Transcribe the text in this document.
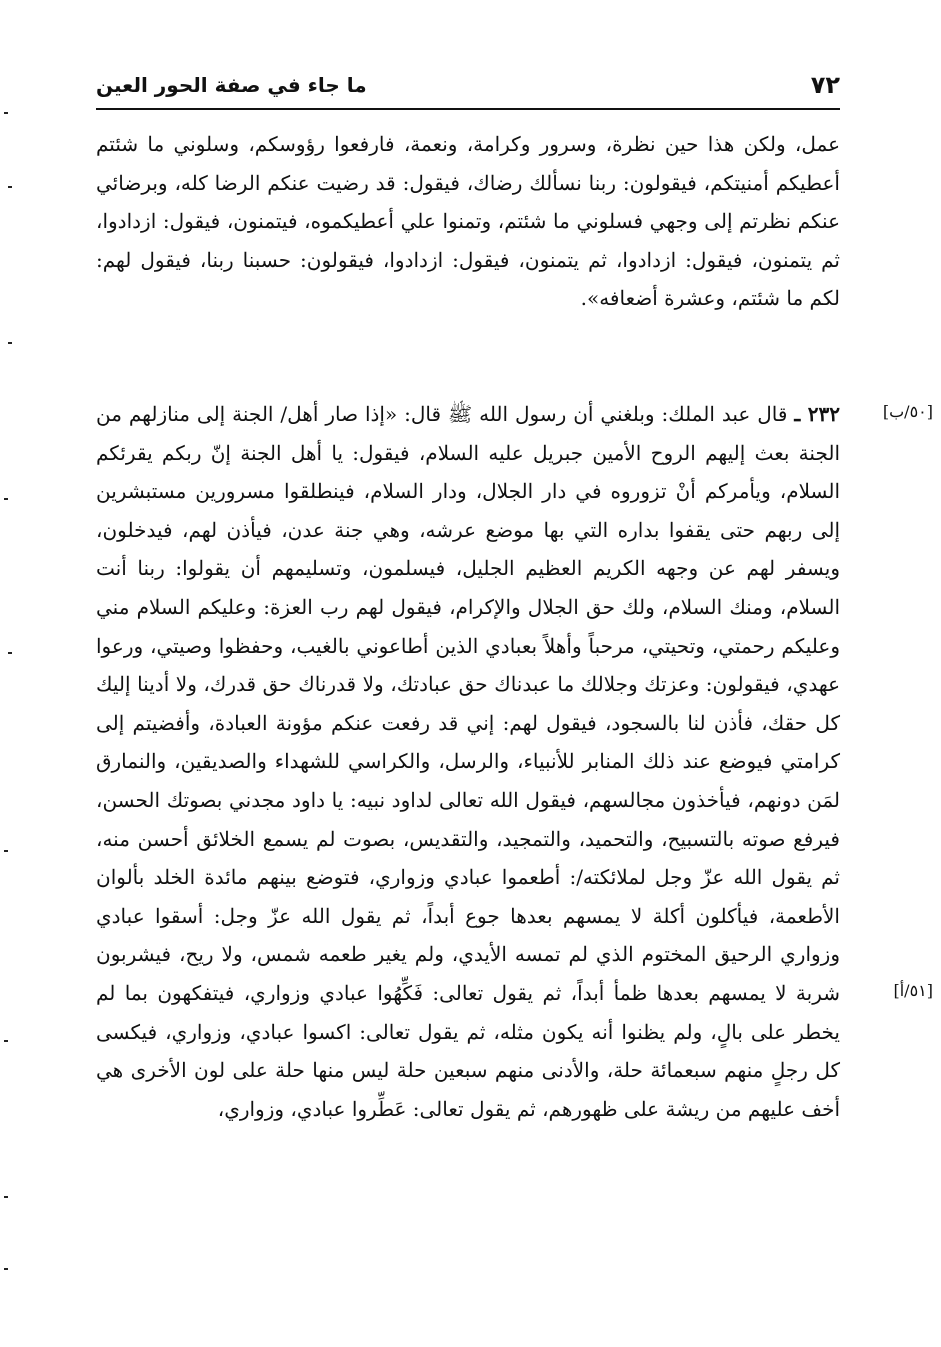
٧٢
ما جاء في صفة الحور العين
عمل، ولكن هذا حين نظرة، وسرور وكرامة، ونعمة، فارفعوا رؤوسكم، وسلوني ما شئتم أعطيكم أمنيتكم، فيقولون: ربنا نسألك رضاك، فيقول: قد رضيت عنكم الرضا كله، وبرضائي عنكم نظرتم إلى وجهي فسلوني ما شئتم، وتمنوا علي أعطيكموه، فيتمنون، فيقول: ازدادوا، ثم يتمنون، فيقول: ازدادوا، ثم يتمنون، فيقول: ازدادوا، فيقولون: حسبنا ربنا، فيقول لهم: لكم ما شئتم، وعشرة أضعافه».
٢٣٢ ـ قال عبد الملك: وبلغني أن رسول الله ﷺ قال: «إذا صار أهل/ الجنة إلى منازلهم من الجنة بعث إليهم الروح الأمين جبريل عليه السلام، فيقول: يا أهل الجنة إنّ ربكم يقرئكم السلام، ويأمركم أنْ تزوروه في دار الجلال، ودار السلام، فينطلقوا مسرورين مستبشرين إلى ربهم حتى يقفوا بداره التي بها موضع عرشه، وهي جنة عدن، فيأذن لهم، فيدخلون، ويسفر لهم عن وجهه الكريم العظيم الجليل، فيسلمون، وتسليمهم أن يقولوا: ربنا أنت السلام، ومنك السلام، ولك حق الجلال والإكرام، فيقول لهم رب العزة: وعليكم السلام مني وعليكم رحمتي، وتحيتي، مرحباً وأهلاً بعبادي الذين أطاعوني بالغيب، وحفظوا وصيتي، ورعوا عهدي، فيقولون: وعزتك وجلالك ما عبدناك حق عبادتك، ولا قدرناك حق قدرك، ولا أدينا إليك كل حقك، فأذن لنا بالسجود، فيقول لهم: إني قد رفعت عنكم مؤونة العبادة، وأفضيتم إلى كرامتي فيوضع عند ذلك المنابر للأنبياء، والرسل، والكراسي للشهداء والصديقين، والنمارق لمَن دونهم، فيأخذون مجالسهم، فيقول الله تعالى لداود نبيه: يا داود مجدني بصوتك الحسن، فيرفع صوته بالتسبيح، والتحميد، والتمجيد، والتقديس، بصوت لم يسمع الخلائق أحسن منه، ثم يقول الله عزّ وجل لملائكته/: أطعموا عبادي وزواري، فتوضع بينهم مائدة الخلد بألوان الأطعمة، فيأكلون أكلة لا يمسهم بعدها جوع أبداً، ثم يقول الله عزّ وجل: أسقوا عبادي وزواري الرحيق المختوم الذي لم تمسه الأيدي، ولم يغير طعمه شمس، ولا ريح، فيشربون شربة لا يمسهم بعدها ظمأ أبداً، ثم يقول تعالى: فَكِّهُوا عبادي وزواري، فيتفكهون بما لم يخطر على بالٍ، ولم يظنوا أنه يكون مثله، ثم يقول تعالى: اكسوا عبادي، وزواري، فيكسى كل رجلٍ منهم سبعمائة حلة، والأدنى منهم سبعين حلة ليس منها حلة على لون الأخرى هي أخف عليهم من ريشة على ظهورهم، ثم يقول تعالى: عَطِّروا عبادي، وزواري،
[٥٠/ب]
[٥١/أ]
